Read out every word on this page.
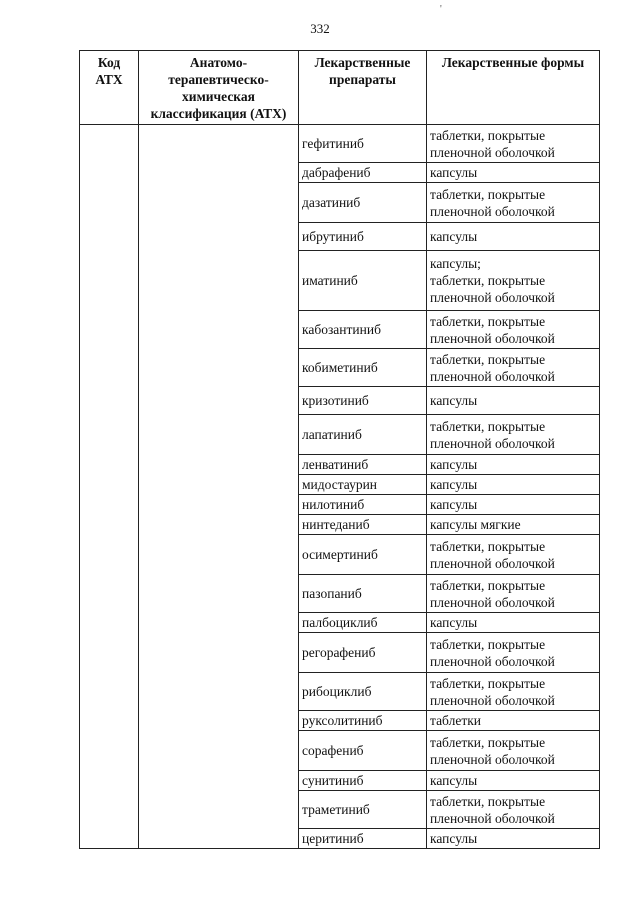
332
'
Код АТХ	Анатомо-терапевтическо-химическая классификация (АТХ)	Лекарственные препараты	Лекарственные формы
		гефитиниб	таблетки, покрытые
пленочной оболочкой

		дабрафениб	капсулы

		дазатиниб	таблетки, покрытые
пленочной оболочкой

		ибрутиниб	капсулы

		иматиниб	капсулы;
таблетки, покрытые
пленочной оболочкой

		кабозантиниб	таблетки, покрытые
пленочной оболочкой

		кобиметиниб	таблетки, покрытые
пленочной оболочкой

		кризотиниб	капсулы

		лапатиниб	таблетки, покрытые
пленочной оболочкой

		ленватиниб	капсулы

		мидостаурин	капсулы

		нилотиниб	капсулы

		нинтеданиб	капсулы мягкие

		осимертиниб	таблетки, покрытые
пленочной оболочкой

		пазопаниб	таблетки, покрытые
пленочной оболочкой

		палбоциклиб	капсулы

		регорафениб	таблетки, покрытые
пленочной оболочкой

		рибоциклиб	таблетки, покрытые
пленочной оболочкой

		руксолитиниб	таблетки

		сорафениб	таблетки, покрытые
пленочной оболочкой

		сунитиниб	капсулы

		траметиниб	таблетки, покрытые
пленочной оболочкой

		церитиниб	капсулы
